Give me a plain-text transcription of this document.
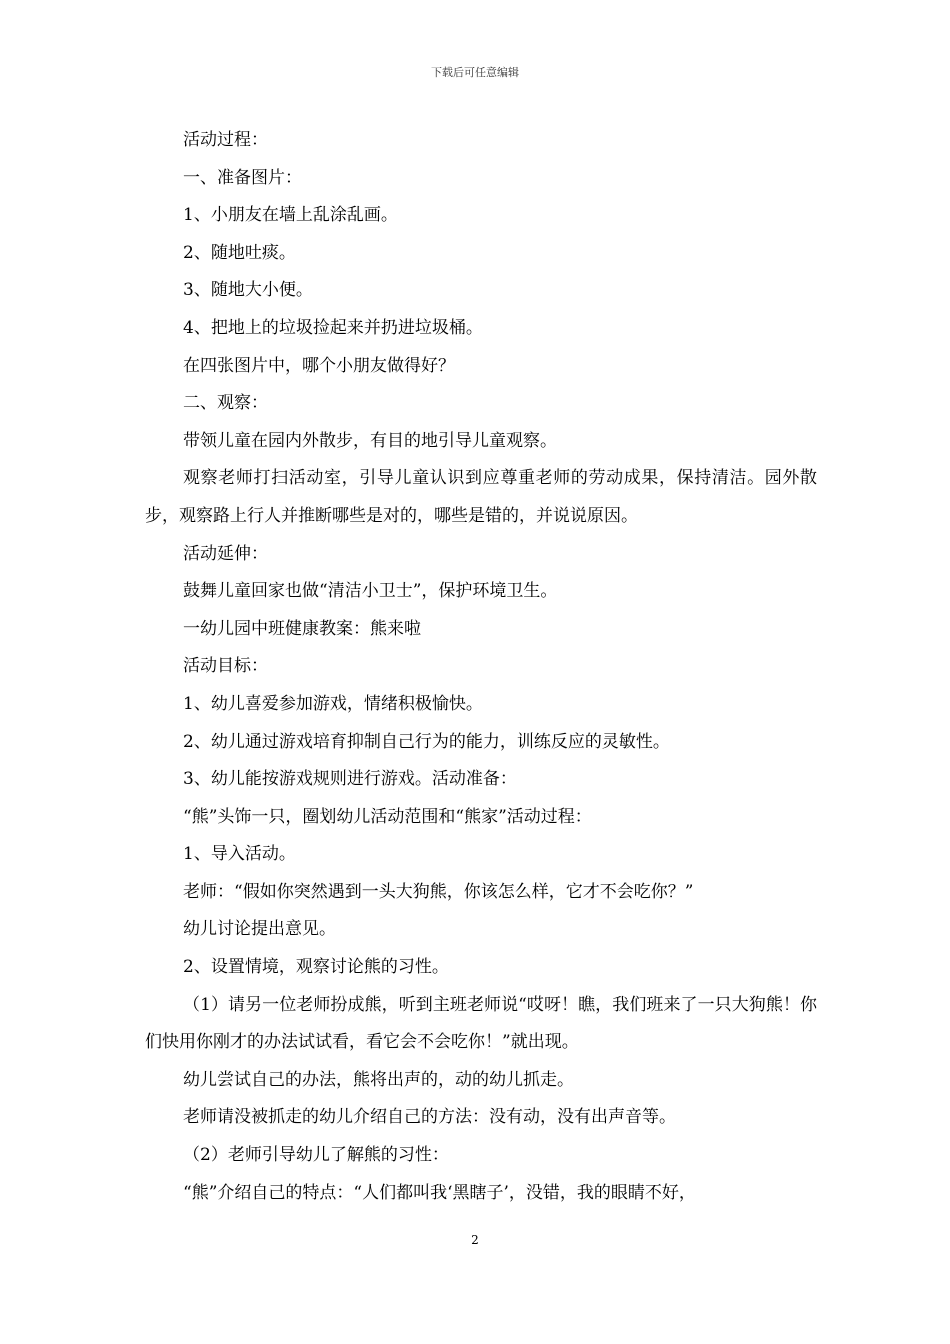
下载后可任意编辑

活动过程：

一、准备图片：

1、小朋友在墙上乱涂乱画。

2、随地吐痰。

3、随地大小便。

4、把地上的垃圾捡起来并扔进垃圾桶。

在四张图片中，哪个小朋友做得好？

二、观察：

带领儿童在园内外散步，有目的地引导儿童观察。

观察老师打扫活动室，引导儿童认识到应尊重老师的劳动成果，保持清洁。园外散步，观察路上行人并推断哪些是对的，哪些是错的，并说说原因。

活动延伸：

鼓舞儿童回家也做“清洁小卫士”，保护环境卫生。

一幼儿园中班健康教案：熊来啦

活动目标：

1、幼儿喜爱参加游戏，情绪积极愉快。

2、幼儿通过游戏培育抑制自己行为的能力，训练反应的灵敏性。

3、幼儿能按游戏规则进行游戏。活动准备：

“熊”头饰一只，圈划幼儿活动范围和“熊家”活动过程：

1、导入活动。

老师：“假如你突然遇到一头大狗熊，你该怎么样，它才不会吃你？”

幼儿讨论提出意见。

2、设置情境，观察讨论熊的习性。

（1）请另一位老师扮成熊，听到主班老师说“哎呀！瞧，我们班来了一只大狗熊！你们快用你刚才的办法试试看，看它会不会吃你！”就出现。

幼儿尝试自己的办法，熊将出声的，动的幼儿抓走。

老师请没被抓走的幼儿介绍自己的方法：没有动，没有出声音等。

（2）老师引导幼儿了解熊的习性：

“熊”介绍自己的特点：“人们都叫我‘黑瞎子’，没错，我的眼睛不好，

2
